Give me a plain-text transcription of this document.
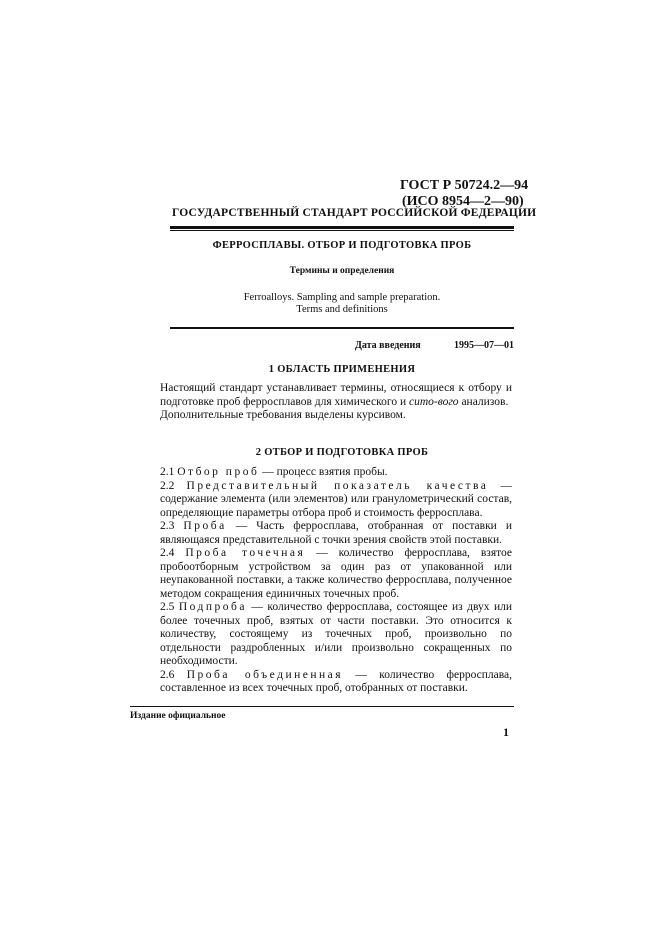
ГОСТ Р 50724.2—94
(ИСО 8954—2—90)
ГОСУДАРСТВЕННЫЙ СТАНДАРТ РОССИЙСКОЙ ФЕДЕРАЦИИ
ФЕРРОСПЛАВЫ. ОТБОР И ПОДГОТОВКА ПРОБ
Термины и определения
Ferroalloys. Sampling and sample preparation.
Terms and definitions
Дата введения	1995—07—01
1 ОБЛАСТЬ ПРИМЕНЕНИЯ

Настоящий стандарт устанавливает термины, относящиеся к отбору и подготовке проб ферросплавов для химического и сито-вого анализов.

Дополнительные требования выделены курсивом.

2 ОТБОР И ПОДГОТОВКА ПРОБ

2.1 Отбор проб — процесс взятия пробы.

2.2 Представительный показатель качества — содержание элемента (или элементов) или гранулометрический состав, определяющие параметры отбора проб и стоимость ферросплава.

2.3 Проба — Часть ферросплава, отобранная от поставки и являющаяся представительной с точки зрения свойств этой поставки.

2.4 Проба точечная — количество ферросплава, взятое пробоотборным устройством за один раз от упакованной или неупакованной поставки, а также количество ферросплава, полученное методом сокращения единичных точечных проб.

2.5 Подпроба — количество ферросплава, состоящее из двух или более точечных проб, взятых от части поставки. Это относится к количеству, состоящему из точечных проб, произвольно по отдельности раздробленных и/или произвольно сокращенных по необходимости.

2.6 Проба объединенная — количество ферросплава, составленное из всех точечных проб, отобранных от поставки.

Издание официальное
1
